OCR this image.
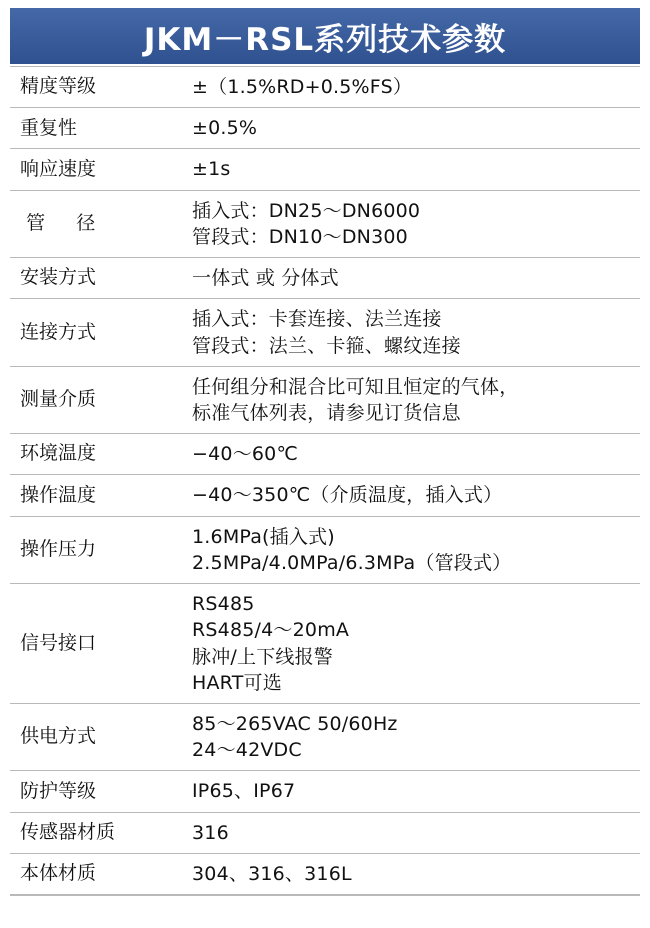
JKM－RSL系列技术参数
精度等级	±（1.5%RD+0.5%FS）

重复性	±0.5%

响应速度	±1s

管　径	插入式：DN25～DN6000
管段式：DN10～DN300

安装方式	一体式 或 分体式

连接方式	插入式：卡套连接、法兰连接
管段式：法兰、卡箍、螺纹连接

测量介质	任何组分和混合比可知且恒定的气体，
标准气体列表，请参见订货信息

环境温度	−40～60℃

操作温度	−40～350℃（介质温度，插入式）

操作压力	1.6MPa(插入式)
2.5MPa/4.0MPa/6.3MPa（管段式）

信号接口	RS485
RS485/4～20mA
脉冲/上下线报警
HART可选

供电方式	85～265VAC 50/60Hz
24～42VDC

防护等级	IP65、IP67

传感器材质	316

本体材质	304、316、316L
